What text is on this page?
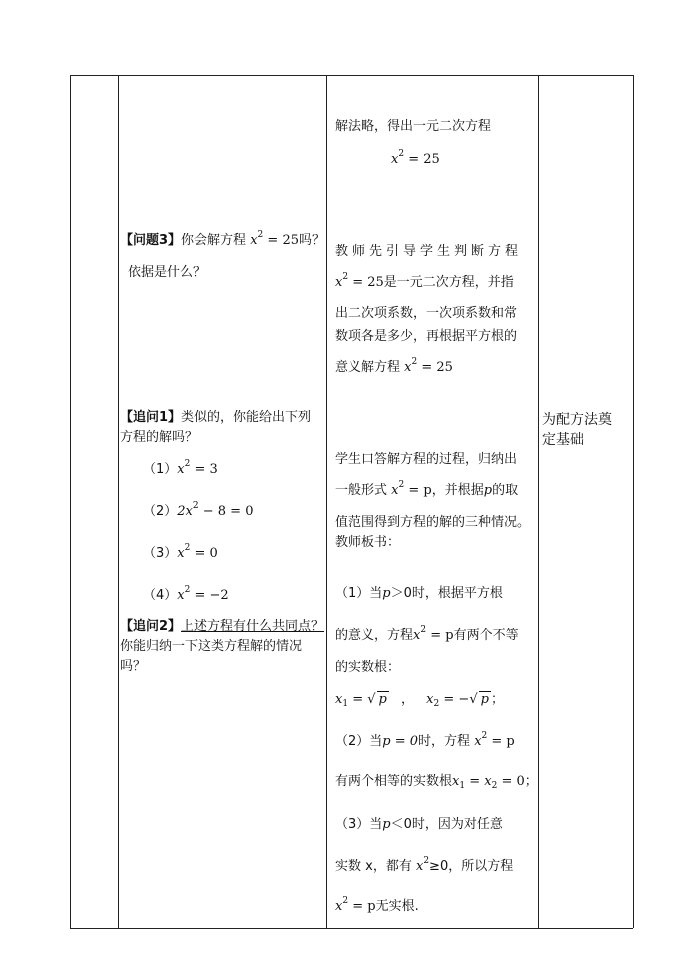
【问题3】你会解方程 $x^2 = 25$吗？
依据是什么？
【追问1】类似的，你能给出下列
方程的解吗？
$(1)x^2 = 3$
$(2)2x^2 - 8 = 0$
$(3)x^2 = 0$
$(4)x^2 = -2$
【追问2】上述方程有什么共同点？
你能归纳一下这类方程解的情况
吗？
解法略，得出一元二次方程
$x^2 = 25$
教师先引导学生判断方程
$x^2 = 25$是一元二次方程，并指
出二次项系数，一次项系数和常
数项各是多少，再根据平方根的
意义解方程 $x^2 = 25$
学生口答解方程的过程，归纳出
一般形式 $x^2 = p$，并根据p的取
值范围得到方程的解的三种情况。
教师板书：
（1）当p＞0时，根据平方根
的意义，方程$x^2 = p$有两个不等
的实数根：
$x_1$ = √ p ， $x_2$ = −√ p ；
（2）当p = 0时，方程 $x^2 = p$
有两个相等的实数根$x_1 = x_2 = 0$；
（3）当p＜0时，因为对任意
实数 x，都有 $x^2\ge 0$，所以方程
$x^2 = p$无实根.
为配方法奠
定基础
